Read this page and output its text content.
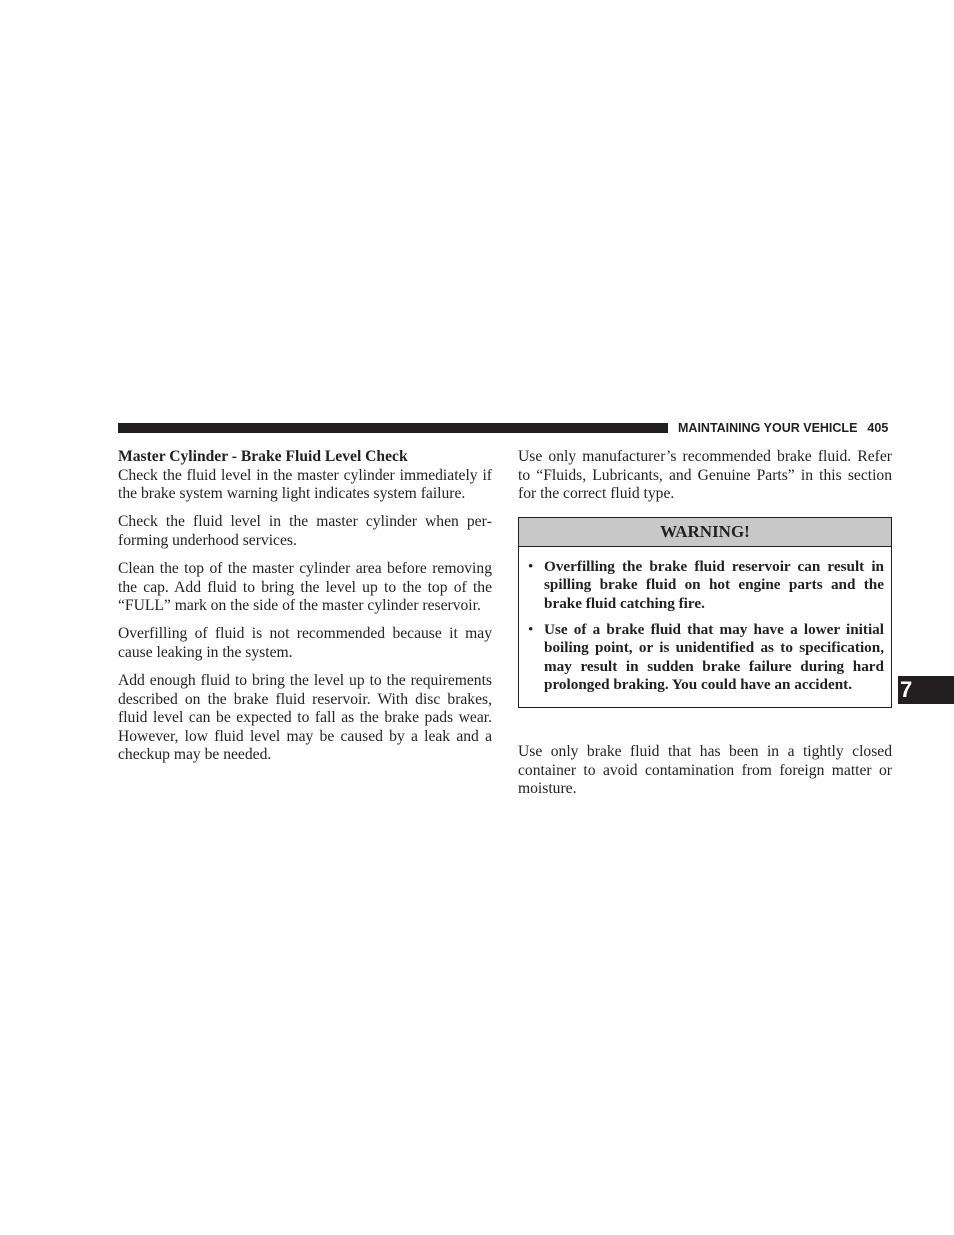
MAINTAINING YOUR VEHICLE 405
Master Cylinder - Brake Fluid Level Check

Check the fluid level in the master cylinder immediately if the brake system warning light indicates system failure.

Check the fluid level in the master cylinder when performing underhood services.

Clean the top of the master cylinder area before removing the cap. Add fluid to bring the level up to the top of the “FULL” mark on the side of the master cylinder reservoir.

Overfilling of fluid is not recommended because it may cause leaking in the system.

Add enough fluid to bring the level up to the requirements described on the brake fluid reservoir. With disc brakes, fluid level can be expected to fall as the brake pads wear. However, low fluid level may be caused by a leak and a checkup may be needed.

Use only manufacturer’s recommended brake fluid. Refer to “Fluids, Lubricants, and Genuine Parts” in this section for the correct fluid type.

WARNING!
• Overfilling the brake fluid reservoir can result in spilling brake fluid on hot engine parts and the brake fluid catching fire.
• Use of a brake fluid that may have a lower initial boiling point, or is unidentified as to specification, may result in sudden brake failure during hard prolonged braking. You could have an accident.

Use only brake fluid that has been in a tightly closed container to avoid contamination from foreign matter or moisture.

7
